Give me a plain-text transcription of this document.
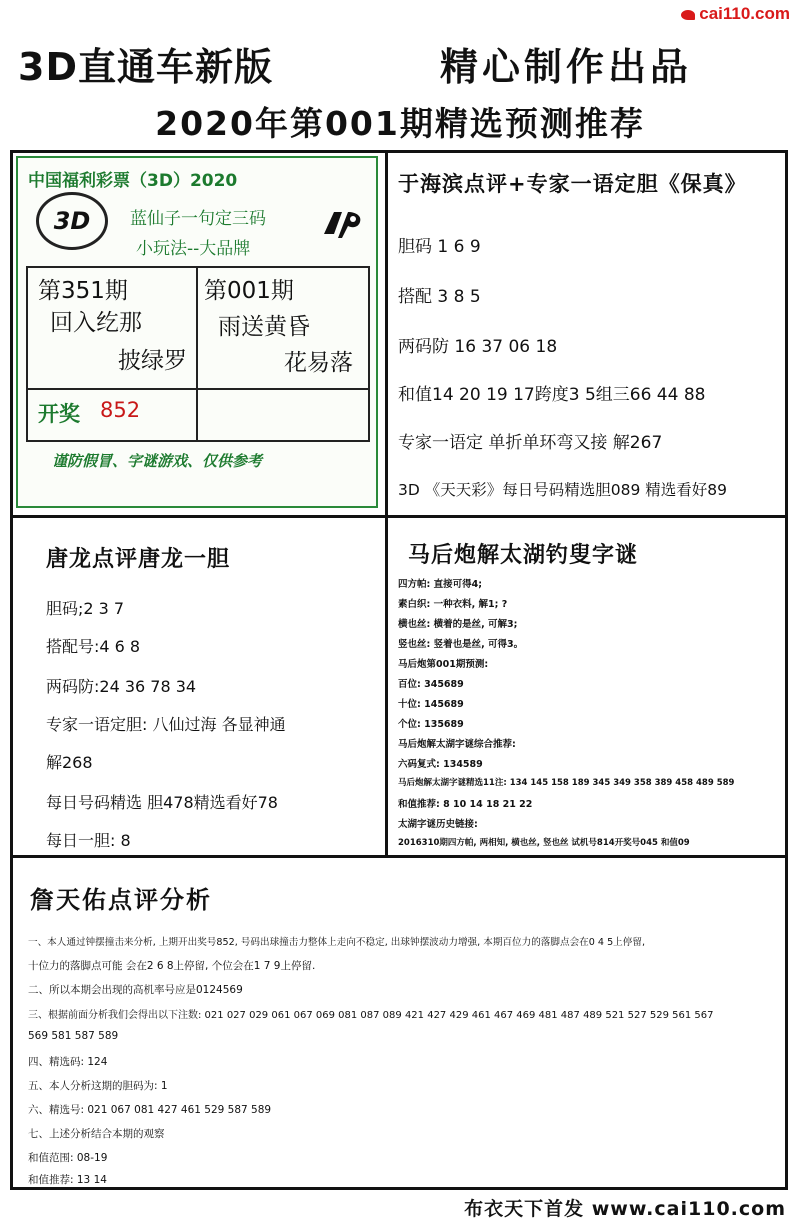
cai110.com
3D直通车新版	精心制作出品
2020年第001期精选预测推荐
中国福利彩票（3D）2020
3D	蓝仙子一句定三码
小玩法--大品牌
第351期
回入纥那
披绿罗
第001期
雨送黄昏
花易落
开奖 852
谨防假冒、字谜游戏、仅供参考
于海滨点评+专家一语定胆《保真》
胆码 1 6 9
搭配 3 8 5
两码防 16 37 06 18
和值14 20 19 17跨度3 5组三66 44 88
专家一语定 单折单环弯又接 解267
3D 《天天彩》每日号码精选胆089 精选看好89
唐龙点评唐龙一胆
胆码;2 3 7
搭配号:4 6 8
两码防:24 36 78 34
专家一语定胆: 八仙过海 各显神通
解268
每日号码精选 胆478精选看好78
每日一胆: 8
马后炮解太湖钓叟字谜
四方帕: 直接可得4;
素白织: 一种衣料, 解1; ?
横也丝: 横着的是丝, 可解3;
竖也丝: 竖着也是丝, 可得3。
马后炮第001期预测:
百位: 345689
十位: 145689
个位: 135689
马后炮解太湖字谜综合推荐:
六码复式: 134589
马后炮解太湖字谜精选11注: 134 145 158 189 345 349 358 389 458 489 589
和值推荐: 8 10 14 18 21 22
太湖字谜历史链接:
2016310期四方帕, 两相知, 横也丝, 竖也丝 试机号814开奖号045 和值09
詹天佑点评分析
一、本人通过钟摆撞击来分析, 上期开出奖号852, 号码出球撞击力整体上走向不稳定, 出球钟摆波动力增强, 本期百位力的落脚点会在0 4 5上停留,
十位力的落脚点可能 会在2 6 8上停留, 个位会在1 7 9上停留.
二、所以本期会出现的高机率号应是0124569
三、根据前面分析我们会得出以下注数: 021 027 029 061 067 069 081 087 089 421 427 429 461 467 469 481 487 489 521 527 529 561 567
569 581 587 589
四、精选码: 124
五、本人分析这期的胆码为: 1
六、精选号: 021 067 081 427 461 529 587 589
七、上述分析结合本期的观察
和值范围: 08-19
和值推荐: 13 14
布衣天下首发 www.cai110.com
